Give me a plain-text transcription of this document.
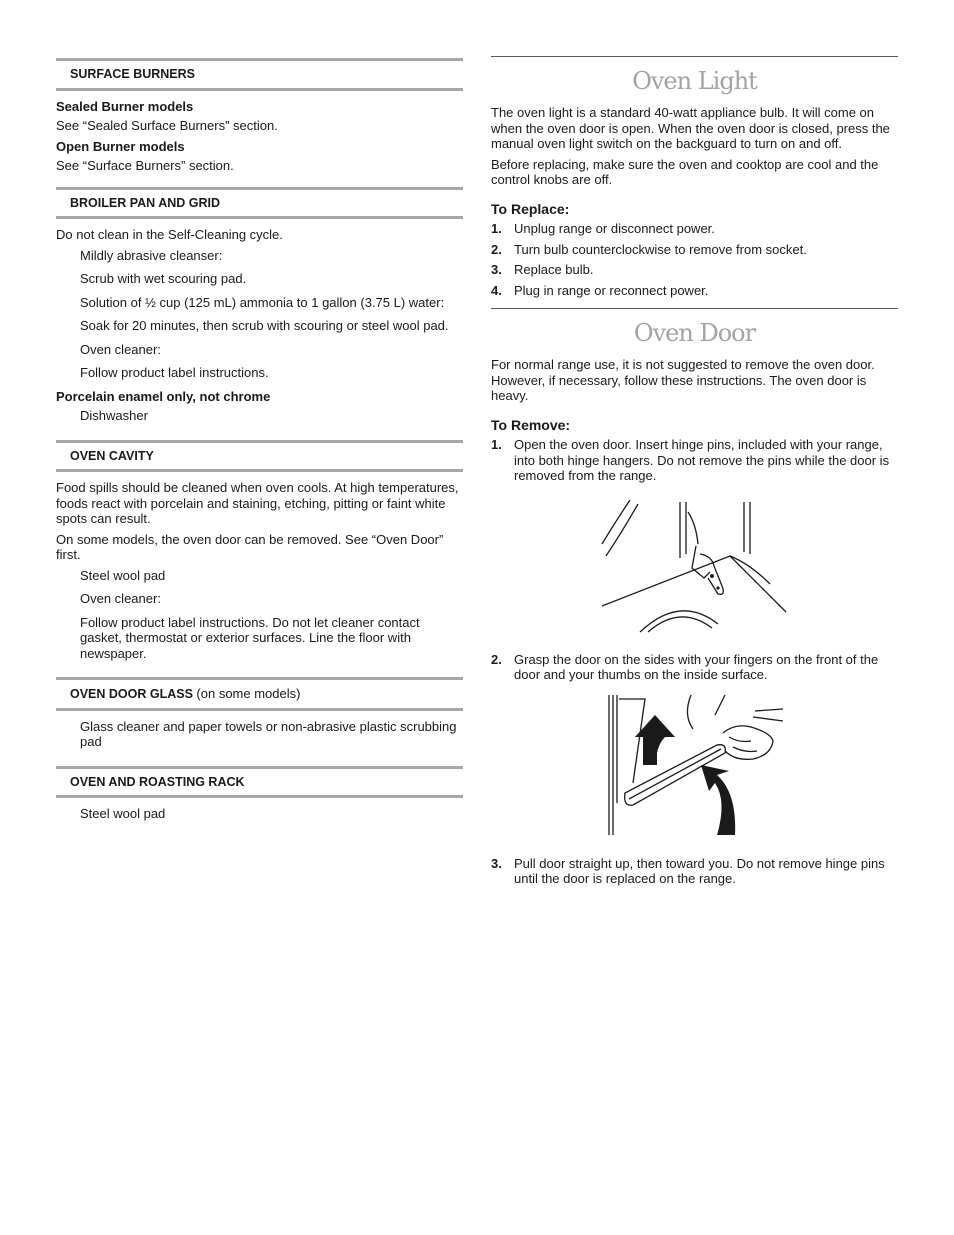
SURFACE BURNERS
Sealed Burner models

See “Sealed Surface Burners” section.

Open Burner models

See “Surface Burners” section.

BROILER PAN AND GRID

Do not clean in the Self-Cleaning cycle.

Mildly abrasive cleanser:

Scrub with wet scouring pad.

Solution of ½ cup (125 mL) ammonia to 1 gallon (3.75 L) water:

Soak for 20 minutes, then scrub with scouring or steel wool pad.

Oven cleaner:

Follow product label instructions.

Porcelain enamel only, not chrome

Dishwasher

OVEN CAVITY

Food spills should be cleaned when oven cools. At high temperatures, foods react with porcelain and staining, etching, pitting or faint white spots can result.

On some models, the oven door can be removed. See “Oven Door” first.

Steel wool pad

Oven cleaner:

Follow product label instructions. Do not let cleaner contact gasket, thermostat or exterior surfaces. Line the floor with newspaper.

OVEN DOOR GLASS (on some models)

Glass cleaner and paper towels or non-abrasive plastic scrubbing pad

OVEN AND ROASTING RACK

Steel wool pad

Oven Light

The oven light is a standard 40-watt appliance bulb. It will come on when the oven door is open. When the oven door is closed, press the manual oven light switch on the backguard to turn on and off.

Before replacing, make sure the oven and cooktop are cool and the control knobs are off.

To Replace:
1. Unplug range or disconnect power.
2. Turn bulb counterclockwise to remove from socket.
3. Replace bulb.
4. Plug in range or reconnect power.
Oven Door

For normal range use, it is not suggested to remove the oven door. However, if necessary, follow these instructions. The oven door is heavy.

To Remove:
1. Open the oven door. Insert hinge pins, included with your range, into both hinge hangers. Do not remove the pins while the door is removed from the range.
2. Grasp the door on the sides with your fingers on the front of the door and your thumbs on the inside surface.
3. Pull door straight up, then toward you. Do not remove hinge pins until the door is replaced on the range.
